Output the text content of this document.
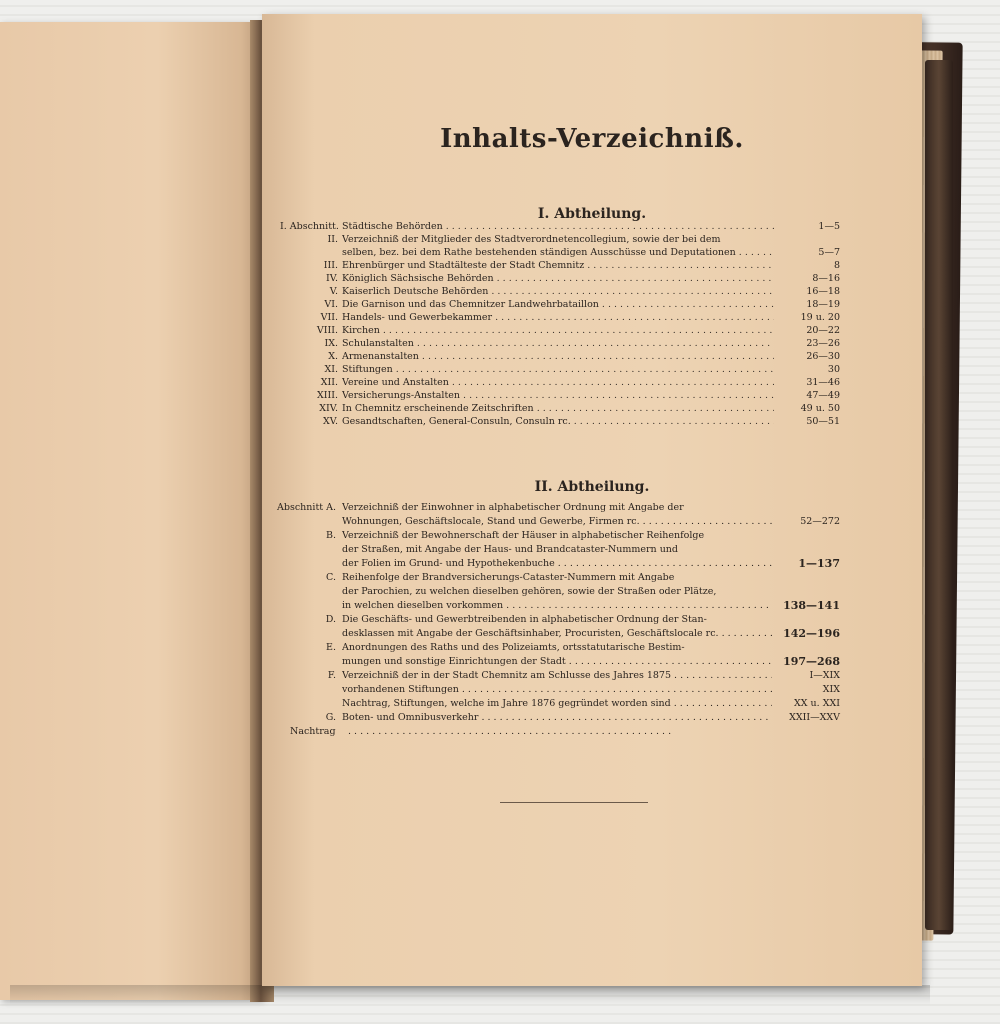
Inhalts-Verzeichniß.
I. Abtheilung.
I. Abschnitt. Städtische Behörden . . .	1—5
II. Verzeichniß der Mitglieder des Stadtverordnetencollegium, sowie der bei dem
selben, bez. bei dem Rathe bestehenden ständigen Ausschüsse und Deputationen . . .	5—7
III. Ehrenbürger und Stadtälteste der Stadt Chemnitz . . .	8
IV. Königlich Sächsische Behörden . . .	8—16
V. Kaiserlich Deutsche Behörden . . .	16—18
VI. Die Garnison und das Chemnitzer Landwehrbataillon . . .	18—19
VII. Handels- und Gewerbekammer . . .	19 u. 20
VIII. Kirchen . . .	20—22
IX. Schulanstalten . . .	23—26
X. Armenanstalten . . .	26—30
XI. Stiftungen . . .	30
XII. Vereine und Anstalten . . .	31—46
XIII. Versicherungs-Anstalten . . .	47—49
XIV. In Chemnitz erscheinende Zeitschriften . . .	49 u. 50
XV. Gesandtschaften, General-Consuln, Consuln rc. . . .	50—51
II. Abtheilung.
Abschnitt A. Verzeichniß der Einwohner in alphabetischer Ordnung mit Angabe der
Wohnungen, Geschäftslocale, Stand und Gewerbe, Firmen rc. . . .	52—272
B. Verzeichniß der Bewohnerschaft der Häuser in alphabetischer Reihenfolge
der Straßen, mit Angabe der Haus- und Brandcataster-Nummern und
der Folien im Grund- und Hypothekenbuche . . .	1—137
C. Reihenfolge der Brandversicherungs-Cataster-Nummern mit Angabe
der Parochien, zu welchen dieselben gehören, sowie der Straßen oder Plätze,
in welchen dieselben vorkommen . . .	138—141
D. Die Geschäfts- und Gewerbtreibenden in alphabetischer Ordnung der Stan-
desklassen mit Angabe der Geschäftsinhaber, Procuristen, Geschäftslocale rc. . . .	142—196
E. Anordnungen des Raths und des Polizeiamts, ortsstatutarische Bestim-
mungen und sonstige Einrichtungen der Stadt . . .	197—268
F. Verzeichniß der in der Stadt Chemnitz am Schlusse des Jahres 1875 . . .	I—XIX
vorhandenen Stiftungen . . .	XIX
Nachtrag, Stiftungen, welche im Jahre 1876 gegründet worden sind . . .	XX u. XXI
G. Boten- und Omnibusverkehr . . .	XXII—XXV
Nachtrag
. . .
